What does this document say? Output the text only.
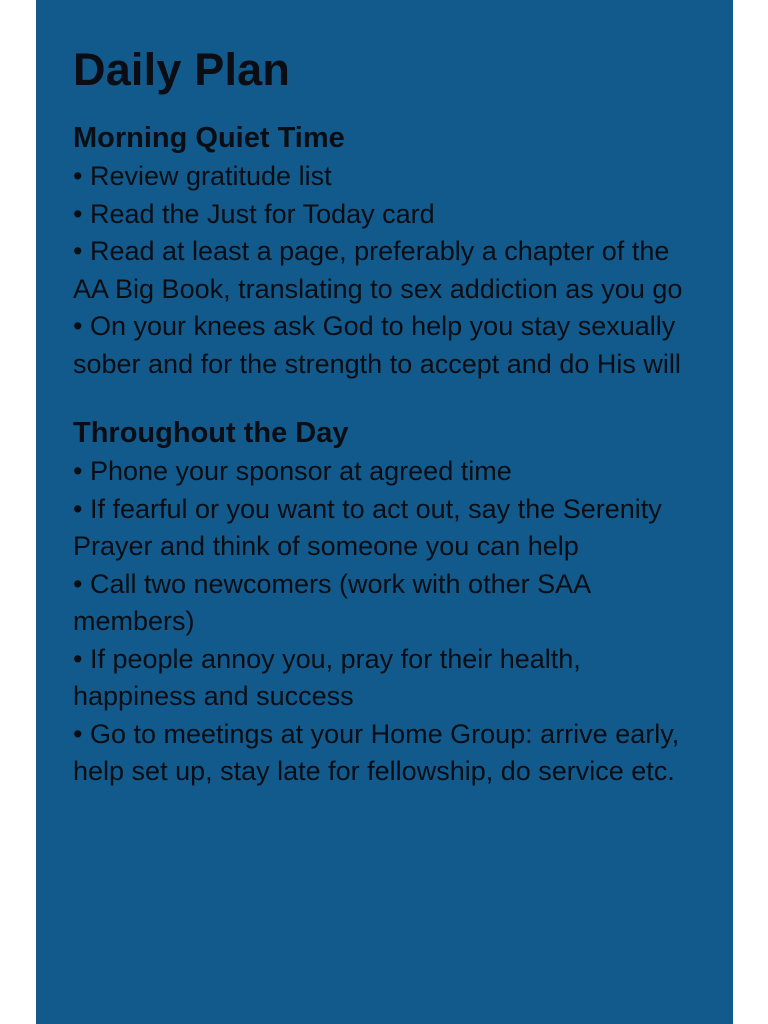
Daily Plan
Morning Quiet Time

• Review gratitude list

• Read the Just for Today card

• Read at least a page, preferably a chapter of the AA Big Book, translating to sex addiction as you go

• On your knees ask God to help you stay sexually sober and for the strength to accept and do His will

Throughout the Day

• Phone your sponsor at agreed time

• If fearful or you want to act out, say the Serenity Prayer and think of someone you can help

• Call two newcomers (work with other SAA members)

• If people annoy you, pray for their health, happiness and success

• Go to meetings at your Home Group: arrive early, help set up, stay late for fellowship, do service etc.
